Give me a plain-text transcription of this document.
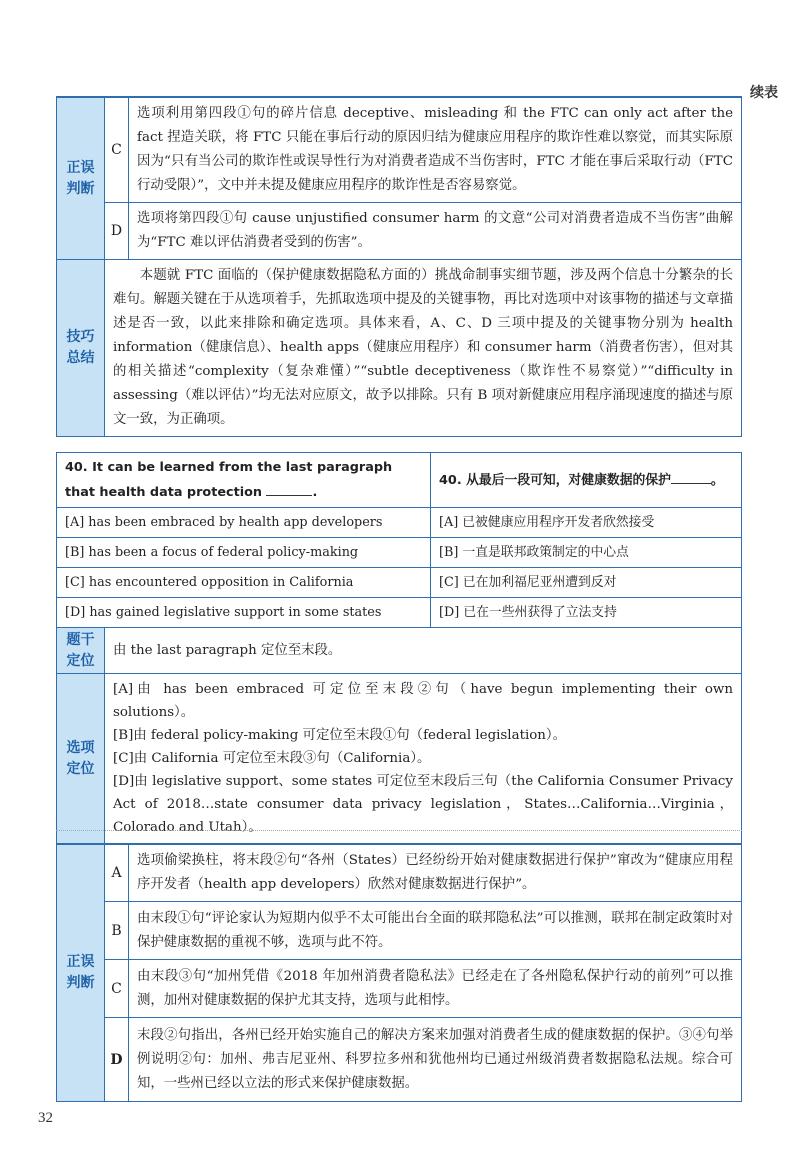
续表
正误判断	C	选项利用第四段①句的碎片信息 deceptive、misleading 和 the FTC can only act after the fact 捏造关联，将 FTC 只能在事后行动的原因归结为健康应用程序的欺诈性难以察觉，而其实际原因为“只有当公司的欺诈性或误导性行为对消费者造成不当伤害时，FTC 才能在事后采取行动（FTC 行动受限）”，文中并未提及健康应用程序的欺诈性是否容易察觉。
	D	选项将第四段①句 cause unjustified consumer harm 的文意“公司对消费者造成不当伤害”曲解为“FTC 难以评估消费者受到的伤害”。
技巧总结	本题就 FTC 面临的（保护健康数据隐私方面的）挑战命制事实细节题，涉及两个信息十分繁杂的长难句。解题关键在于从选项着手，先抓取选项中提及的关键事物，再比对选项中对该事物的描述与文章描述是否一致，以此来排除和确定选项。具体来看，A、C、D 三项中提及的关键事物分别为 health information（健康信息）、health apps（健康应用程序）和 consumer harm（消费者伤害），但对其的相关描述“complexity（复杂难懂）”“subtle deceptiveness（欺诈性不易察觉）”“difficulty in assessing（难以评估）”均无法对应原文，故予以排除。只有 B 项对新健康应用程序涌现速度的描述与原文一致，为正确项。	
40. It can be learned from the last paragraph that health data protection .		40. 从最后一段可知，对健康数据的保护 。
[A] has been embraced by health app developers		[A] 已被健康应用程序开发者欣然接受
[B] has been a focus of federal policy-making		[B] 一直是联邦政策制定的中心点
[C] has encountered opposition in California		[C] 已在加利福尼亚州遭到反对
[D] has gained legislative support in some states		[D] 已在一些州获得了立法支持
题干定位	由 the last paragraph 定位至末段。	
选项定位	[A]由 has been embraced 可定位至末段②句（have begun implementing their own solutions）。
[B]由 federal policy-making 可定位至末段①句（federal legislation）。
[C]由 California 可定位至末段③句（California）。
[D]由 legislative support、some states 可定位至末段后三句（the California Consumer Privacy Act of 2018…state consumer data privacy legislation，States…California…Virginia，Colorado and Utah）。	
正误判断	A	选项偷梁换柱，将末段②句“各州（States）已经纷纷开始对健康数据进行保护”窜改为“健康应用程序开发者（health app developers）欣然对健康数据进行保护”。
	B	由末段①句“评论家认为短期内似乎不太可能出台全面的联邦隐私法”可以推测，联邦在制定政策时对保护健康数据的重视不够，选项与此不符。
	C	由末段③句“加州凭借《2018 年加州消费者隐私法》已经走在了各州隐私保护行动的前列”可以推测，加州对健康数据的保护尤其支持，选项与此相悖。
	D	末段②句指出，各州已经开始实施自己的解决方案来加强对消费者生成的健康数据的保护。③④句举例说明②句：加州、弗吉尼亚州、科罗拉多州和犹他州均已通过州级消费者数据隐私法规。综合可知，一些州已经以立法的形式来保护健康数据。
32
